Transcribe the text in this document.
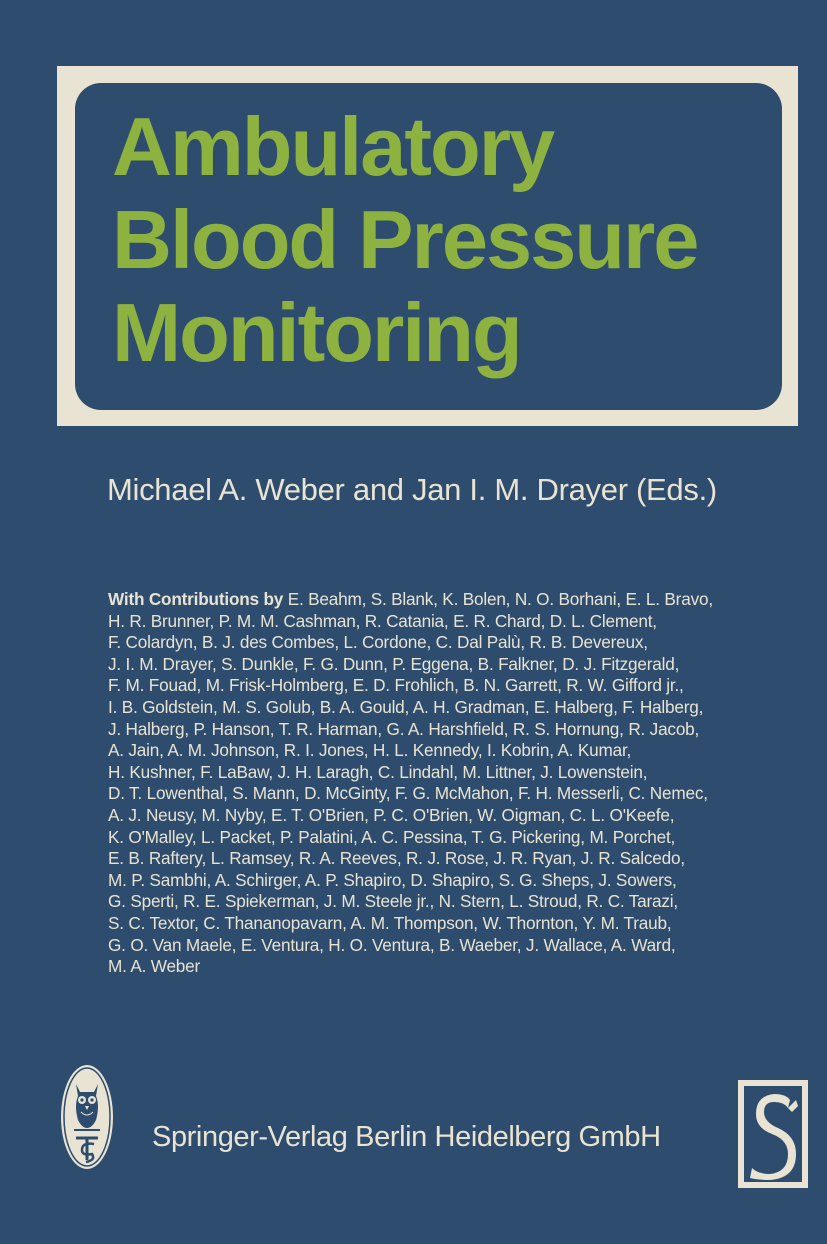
Ambulatory
Blood Pressure
Monitoring
Michael A. Weber and Jan I. M. Drayer (Eds.)
With Contributions by E. Beahm, S. Blank, K. Bolen, N. O. Borhani, E. L. Bravo,
H. R. Brunner, P. M. M. Cashman, R. Catania, E. R. Chard, D. L. Clement,
F. Colardyn, B. J. des Combes, L. Cordone, C. Dal Palù, R. B. Devereux,
J. I. M. Drayer, S. Dunkle, F. G. Dunn, P. Eggena, B. Falkner, D. J. Fitzgerald,
F. M. Fouad, M. Frisk-Holmberg, E. D. Frohlich, B. N. Garrett, R. W. Gifford jr.,
I. B. Goldstein, M. S. Golub, B. A. Gould, A. H. Gradman, E. Halberg, F. Halberg,
J. Halberg, P. Hanson, T. R. Harman, G. A. Harshfield, R. S. Hornung, R. Jacob,
A. Jain, A. M. Johnson, R. I. Jones, H. L. Kennedy, I. Kobrin, A. Kumar,
H. Kushner, F. LaBaw, J. H. Laragh, C. Lindahl, M. Littner, J. Lowenstein,
D. T. Lowenthal, S. Mann, D. McGinty, F. G. McMahon, F. H. Messerli, C. Nemec,
A. J. Neusy, M. Nyby, E. T. O'Brien, P. C. O'Brien, W. Oigman, C. L. O'Keefe,
K. O'Malley, L. Packet, P. Palatini, A. C. Pessina, T. G. Pickering, M. Porchet,
E. B. Raftery, L. Ramsey, R. A. Reeves, R. J. Rose, J. R. Ryan, J. R. Salcedo,
M. P. Sambhi, A. Schirger, A. P. Shapiro, D. Shapiro, S. G. Sheps, J. Sowers,
G. Sperti, R. E. Spiekerman, J. M. Steele jr., N. Stern, L. Stroud, R. C. Tarazi,
S. C. Textor, C. Thananopavarn, A. M. Thompson, W. Thornton, Y. M. Traub,
G. O. Van Maele, E. Ventura, H. O. Ventura, B. Waeber, J. Wallace, A. Ward,
M. A. Weber
Springer-Verlag Berlin Heidelberg GmbH
